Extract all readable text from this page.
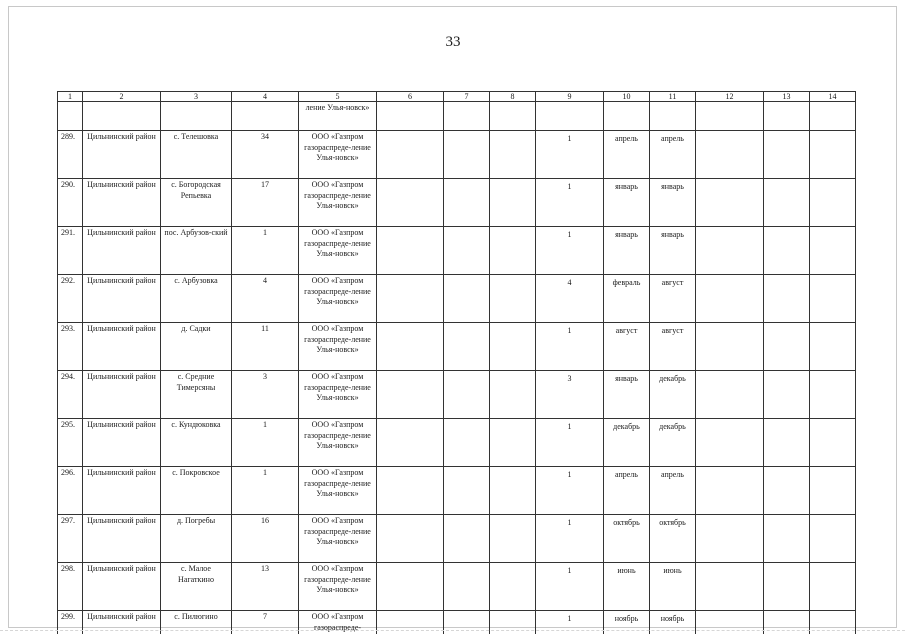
33
1	2	3	4	5	6	7	8	9	10	11	12	13	14
				ление Улья-новск»									
289.	Цильнинский район	с. Телешовка	34	ООО «Газпром газораспреде-ление Улья-новск»				1	апрель	апрель			
290.	Цильнинский район	с. Богородская Репьевка	17	ООО «Газпром газораспреде-ление Улья-новск»				1	январь	январь			
291.	Цильнинский район	пос. Арбузов-ский	1	ООО «Газпром газораспреде-ление Улья-новск»				1	январь	январь			
292.	Цильнинский район	с. Арбузовка	4	ООО «Газпром газораспреде-ление Улья-новск»				4	февраль	август			
293.	Цильнинский район	д. Садки	11	ООО «Газпром газораспреде-ление Улья-новск»				1	август	август			
294.	Цильнинский район	с. Средние Тимерсяны	3	ООО «Газпром газораспреде-ление Улья-новск»				3	январь	декабрь			
295.	Цильнинский район	с. Кундюковка	1	ООО «Газпром газораспреде-ление Улья-новск»				1	декабрь	декабрь			
296.	Цильнинский район	с. Покровское	1	ООО «Газпром газораспреде-ление Улья-новск»				1	апрель	апрель			
297.	Цильнинский район	д. Погребы	16	ООО «Газпром газораспреде-ление Улья-новск»				1	октябрь	октябрь			
298.	Цильнинский район	с. Малое Нагаткино	13	ООО «Газпром газораспреде-ление Улья-новск»				1	июнь	июнь			
299.	Цильнинский район	с. Пилюгино	7	ООО «Газпром газораспреде-				1	ноябрь	ноябрь			
